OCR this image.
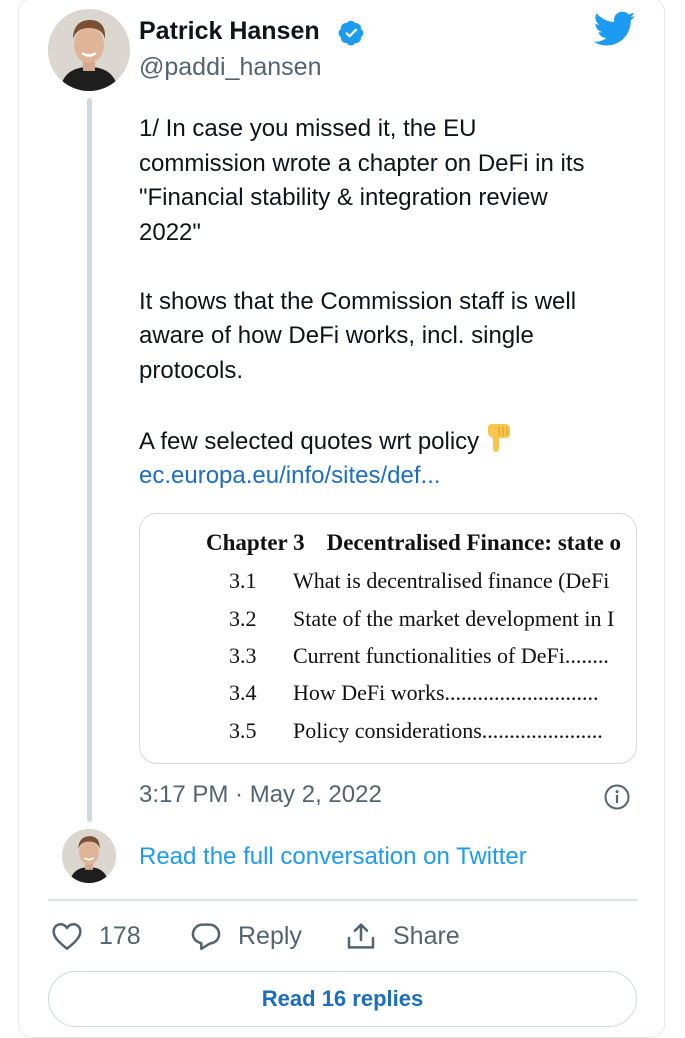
Patrick Hansen
@paddi_hansen

1/ In case you missed it, the EU

commission wrote a chapter on DeFi in its

"Financial stability & integration review

2022"

It shows that the Commission staff is well

aware of how DeFi works, incl. single

protocols.

A few selected quotes wrt policy

ec.europa.eu/info/sites/def...

Chapter 3 Decentralised Finance: state o
3.1 What is decentralised finance (DeFi
3.2 State of the market development in I
3.3 Current functionalities of DeFi........
3.4 How DeFi works............................
3.5 Policy considerations......................
3:17 PM · May 2, 2022
Read the full conversation on Twitter
178	Reply	Share
Read 16 replies
